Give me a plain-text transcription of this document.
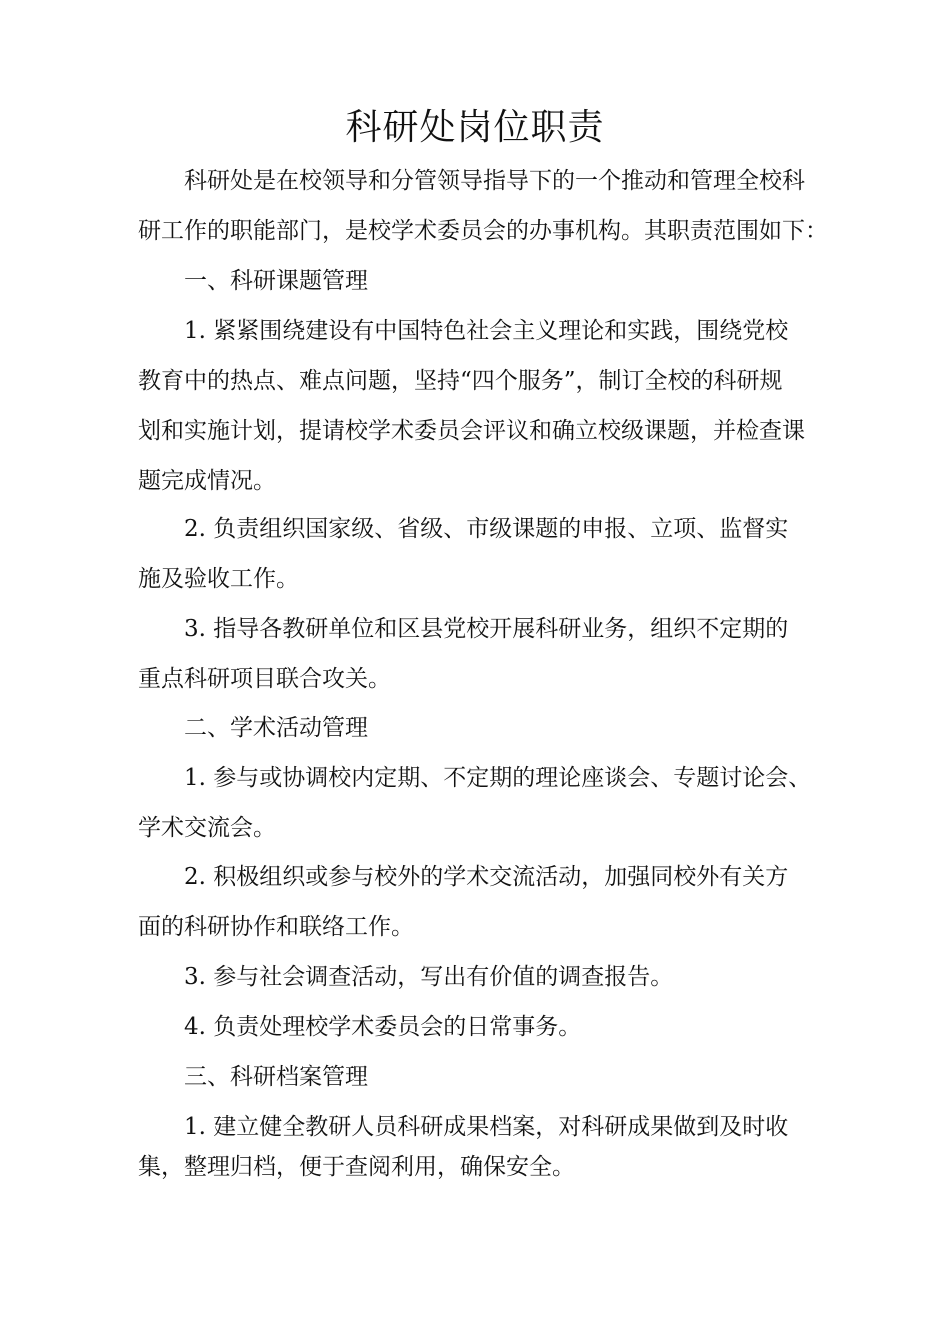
科研处岗位职责
科研处是在校领导和分管领导指导下的一个推动和管理全校科
研工作的职能部门，是校学术委员会的办事机构。其职责范围如下：
一、科研课题管理
1. 紧紧围绕建设有中国特色社会主义理论和实践，围绕党校
教育中的热点、难点问题，坚持“四个服务”，制订全校的科研规
划和实施计划，提请校学术委员会评议和确立校级课题，并检查课
题完成情况。
2. 负责组织国家级、省级、市级课题的申报、立项、监督实
施及验收工作。
3. 指导各教研单位和区县党校开展科研业务，组织不定期的
重点科研项目联合攻关。
二、学术活动管理
1. 参与或协调校内定期、不定期的理论座谈会、专题讨论会、
学术交流会。
2. 积极组织或参与校外的学术交流活动，加强同校外有关方
面的科研协作和联络工作。
3. 参与社会调查活动，写出有价值的调查报告。
4. 负责处理校学术委员会的日常事务。
三、科研档案管理
1. 建立健全教研人员科研成果档案，对科研成果做到及时收
集，整理归档，便于查阅利用，确保安全。
